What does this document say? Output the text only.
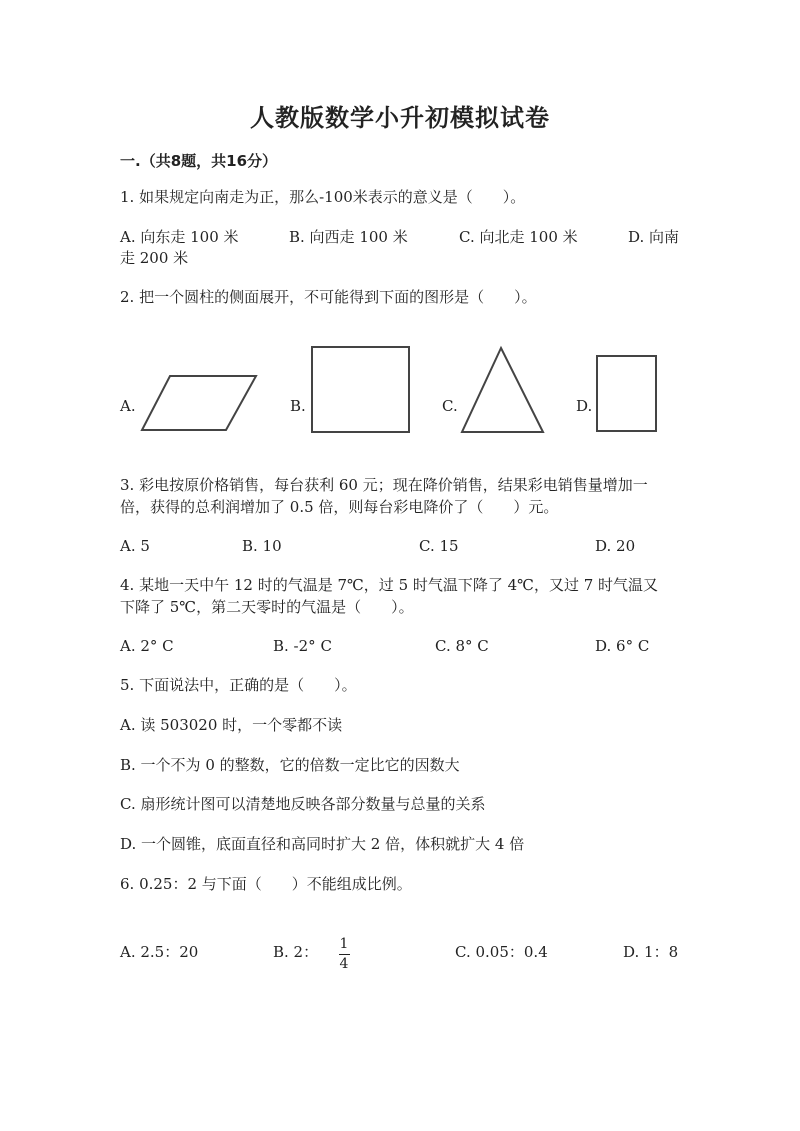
人教版数学小升初模拟试卷
一.（共8题，共16分）
1. 如果规定向南走为正，那么-100米表示的意义是（　　）。
A. 向东走 100 米	B. 向西走 100 米	C. 向北走 100 米	D. 向南
走 200 米
2. 把一个圆柱的侧面展开，不可能得到下面的图形是（　　）。
A.	B.	C.	D.
3. 彩电按原价格销售，每台获利 60 元；现在降价销售，结果彩电销售量增加一
倍，获得的总利润增加了 0.5 倍，则每台彩电降价了（　　）元。
A. 5	B. 10	C. 15	D. 20
4. 某地一天中午 12 时的气温是 7℃，过 5 时气温下降了 4℃，又过 7 时气温又
下降了 5℃，第二天零时的气温是（　　）。
A. 2° C	B. -2° C	C. 8° C	D. 6° C
5. 下面说法中，正确的是（　　）。
A. 读 503020 时，一个零都不读
B. 一个不为 0 的整数，它的倍数一定比它的因数大
C. 扇形统计图可以清楚地反映各部分数量与总量的关系
D. 一个圆锥，底面直径和高同时扩大 2 倍，体积就扩大 4 倍
6. 0.25：2 与下面（　　）不能组成比例。
A. 2.5：20	B. 2： 1
4
C. 0.05：0.4	D. 1：8
